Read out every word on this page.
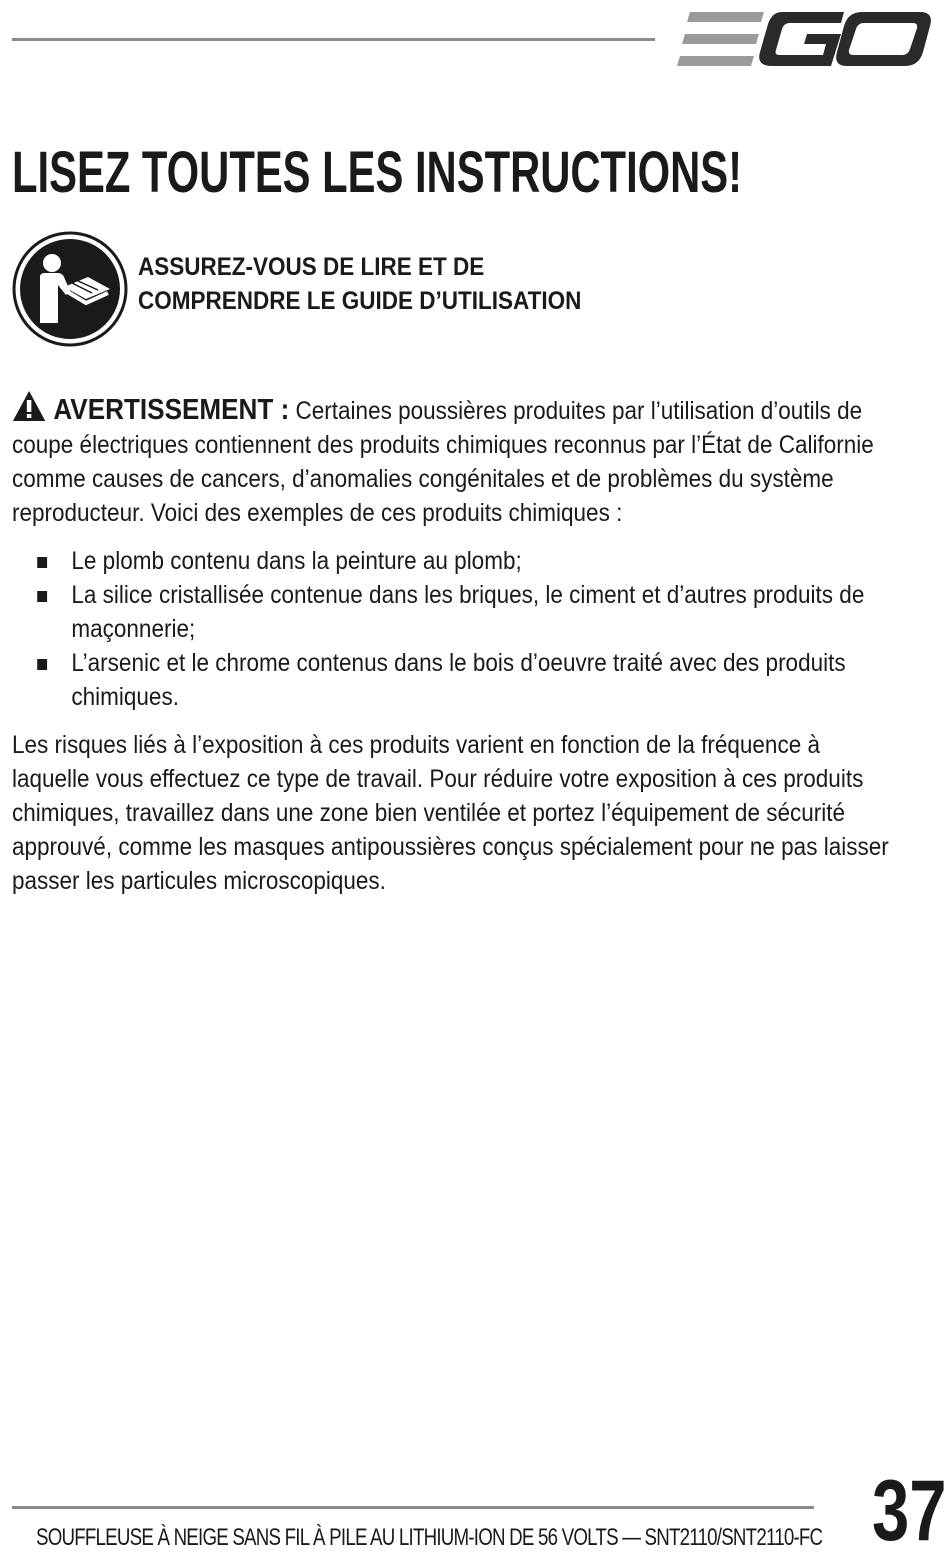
LISEZ TOUTES LES INSTRUCTIONS!
ASSUREZ-VOUS DE LIRE ET DE
COMPRENDRE LE GUIDE D’UTILISATION

AVERTISSEMENT : Certaines poussières produites par l’utilisation d’outils de
coupe électriques contiennent des produits chimiques reconnus par l’État de Californie
comme causes de cancers, d’anomalies congénitales et de problèmes du système
reproducteur. Voici des exemples de ces produits chimiques :

Le plomb contenu dans la peinture au plomb;
La silice cristallisée contenue dans les briques, le ciment et d’autres produits de
maçonnerie;
L’arsenic et le chrome contenus dans le bois d’oeuvre traité avec des produits
chimiques.

Les risques liés à l’exposition à ces produits varient en fonction de la fréquence à
laquelle vous effectuez ce type de travail. Pour réduire votre exposition à ces produits
chimiques, travaillez dans une zone bien ventilée et portez l’équipement de sécurité
approuvé, comme les masques antipoussières conçus spécialement pour ne pas laisser
passer les particules microscopiques.

SOUFFLEUSE À NEIGE SANS FIL À PILE AU LITHIUM-ION DE 56 VOLTS — SNT2110/SNT2110-FC 37
